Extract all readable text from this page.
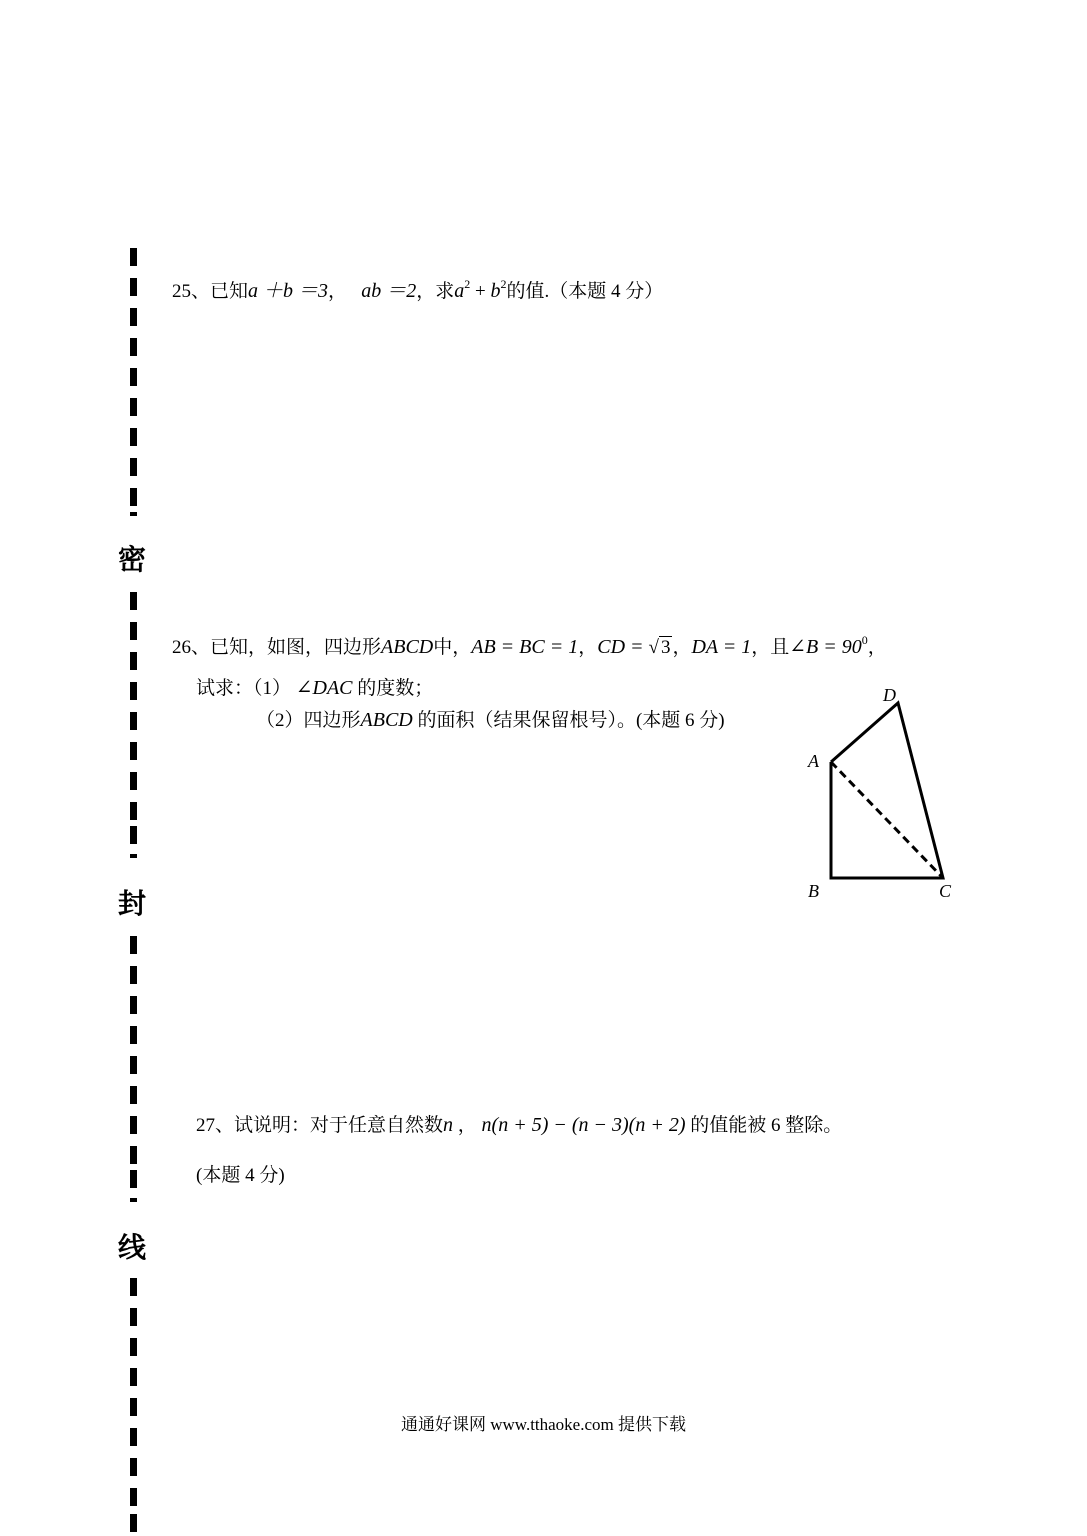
密
封
线
25、已知a ＋b ＝3， ab ＝2，求$a^2 + b^2$的值.（本题 4 分）
26、已知，如图，四边形ABCD中，AB = BC = 1，CD = √ 3 ，DA = 1，且∠B = $90^0$，
试求：（1） ∠DAC 的度数；
（2）四边形ABCD 的面积（结果保留根号）。(本题 6 分)
D
A
B	C
27、试说明：对于任意自然数n ， n(n + 5) − (n − 3)(n + 2) 的值能被 6 整除。
(本题 4 分)
通通好课网 www.tthaoke.com 提供下载
